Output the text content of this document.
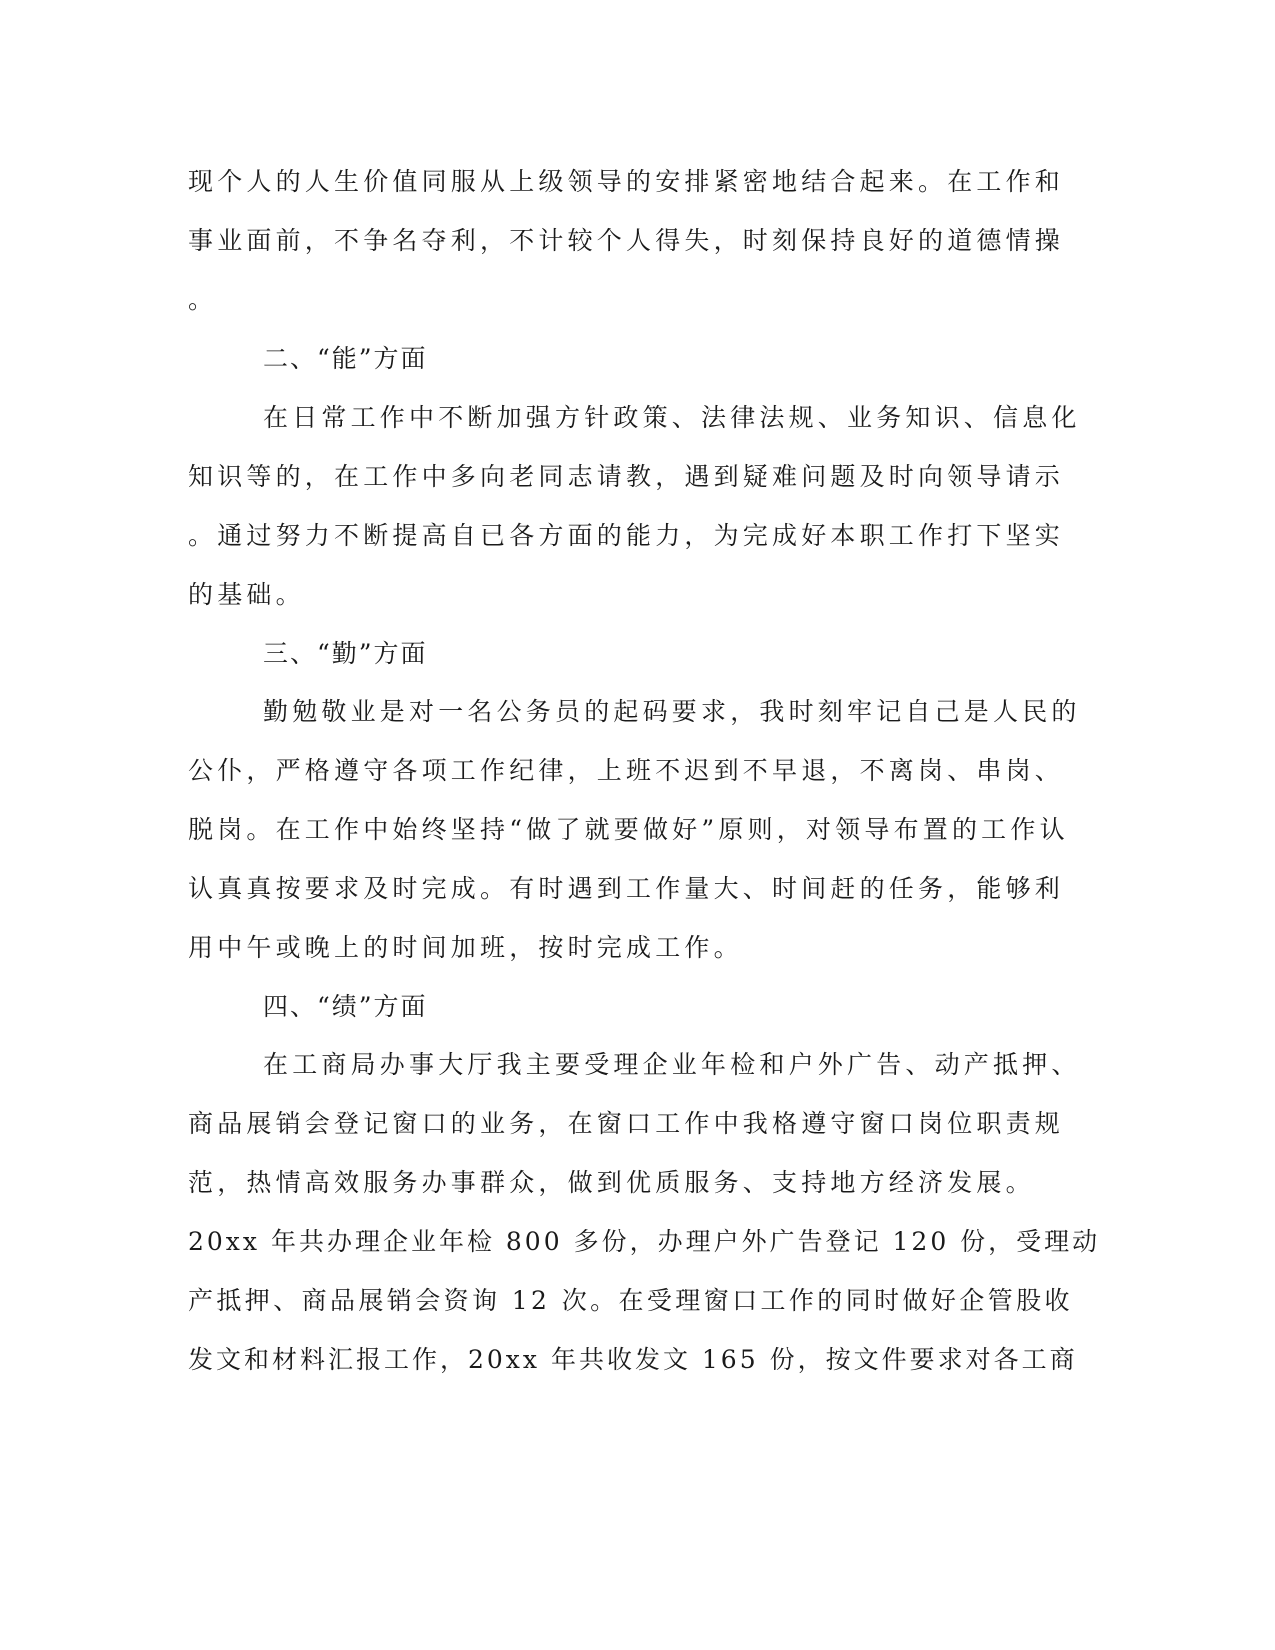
现个人的人生价值同服从上级领导的安排紧密地结合起来。在工作和
事业面前，不争名夺利，不计较个人得失，时刻保持良好的道德情操
。
二、“能”方面
在日常工作中不断加强方针政策、法律法规、业务知识、信息化
知识等的，在工作中多向老同志请教，遇到疑难问题及时向领导请示
。通过努力不断提高自已各方面的能力，为完成好本职工作打下坚实
的基础。
三、“勤”方面
勤勉敬业是对一名公务员的起码要求，我时刻牢记自己是人民的
公仆，严格遵守各项工作纪律，上班不迟到不早退，不离岗、串岗、
脱岗。在工作中始终坚持“做了就要做好”原则，对领导布置的工作认
认真真按要求及时完成。有时遇到工作量大、时间赶的任务，能够利
用中午或晚上的时间加班，按时完成工作。
四、“绩”方面
在工商局办事大厅我主要受理企业年检和户外广告、动产抵押、
商品展销会登记窗口的业务，在窗口工作中我格遵守窗口岗位职责规
范，热情高效服务办事群众，做到优质服务、支持地方经济发展。
20xx 年共办理企业年检 800 多份，办理户外广告登记 120 份，受理动
产抵押、商品展销会资询 12 次。在受理窗口工作的同时做好企管股收
发文和材料汇报工作，20xx 年共收发文 165 份，按文件要求对各工商
